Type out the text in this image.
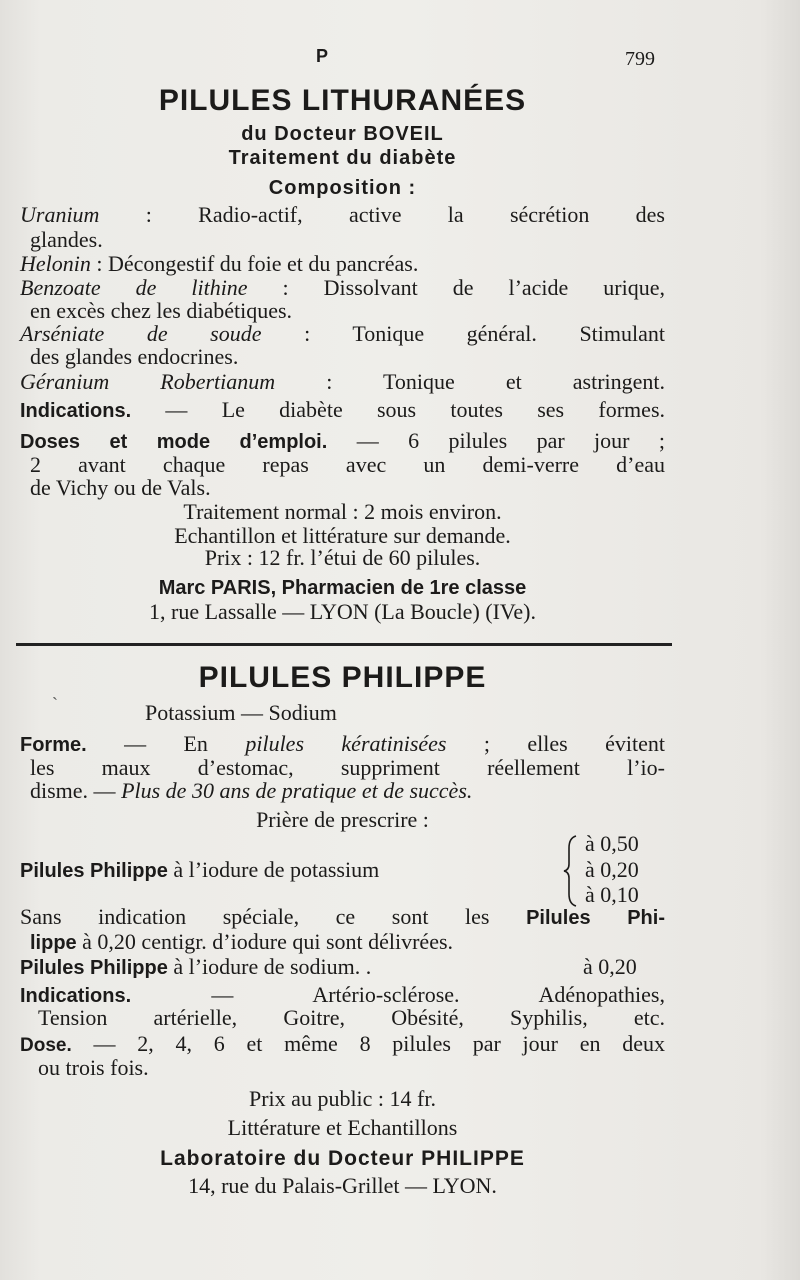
P	799
PILULES LITHURANÉES
du Docteur BOVEIL
Traitement du diabète
Composition :
Uranium : Radio-actif, active la sécrétion des
glandes.
Helonin : Décongestif du foie et du pancréas.
Benzoate de lithine : Dissolvant de l’acide urique,
en excès chez les diabétiques.
Arséniate de soude : Tonique général. Stimulant
des glandes endocrines.
Géranium Robertianum : Tonique et astringent.
Indications. — Le diabète sous toutes ses formes.
Doses et mode d’emploi. — 6 pilules par jour ;
2 avant chaque repas avec un demi-verre d’eau
de Vichy ou de Vals.
Traitement normal : 2 mois environ.
Echantillon et littérature sur demande.
Prix : 12 fr. l’étui de 60 pilules.
Marc PARIS, Pharmacien de 1re classe
1, rue Lassalle — LYON (La Boucle) (IVe).
ˎ	PILULES PHILIPPE
Potassium — Sodium
Forme. — En pilules kératinisées ; elles évitent
les maux d’estomac, suppriment réellement l’io-
disme. — Plus de 30 ans de pratique et de succès.
Prière de prescrire :
Pilules Philippe à l’iodure de potassium
à 0,50
à 0,20
à 0,10
Sans indication spéciale, ce sont les Pilules Phi-
lippe à 0,20 centigr. d’iodure qui sont délivrées.
Pilules Philippe à l’iodure de sodium. .	à 0,20
Indications. — Artério-sclérose. Adénopathies,
Tension artérielle, Goitre, Obésité, Syphilis, etc.
Dose. — 2, 4, 6 et même 8 pilules par jour en deux
ou trois fois.
Prix au public : 14 fr.
Littérature et Echantillons
Laboratoire du Docteur PHILIPPE
14, rue du Palais-Grillet — LYON.
